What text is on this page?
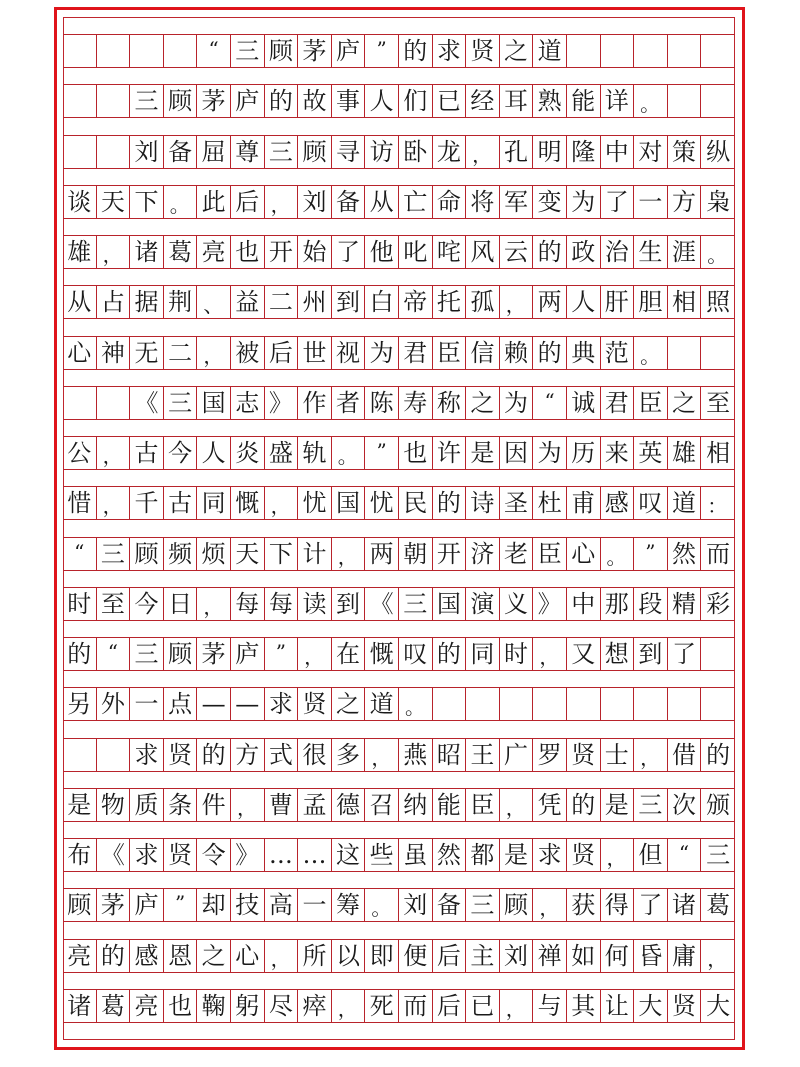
“ 三 顾 茅 庐 ” 的 求 贤 之 道
三 顾 茅 庐 的 故 事 人 们 已 经 耳 熟 能 详 。
刘 备 屈 尊 三 顾 寻 访 卧 龙 ， 孔 明 隆 中 对 策 纵
谈 天 下 。 此 后 ， 刘 备 从 亡 命 将 军 变 为 了 一 方 枭
雄 ， 诸 葛 亮 也 开 始 了 他 叱 咤 风 云 的 政 治 生 涯 。
从 占 据 荆 、 益 二 州 到 白 帝 托 孤 ， 两 人 肝 胆 相 照
心 神 无 二 ， 被 后 世 视 为 君 臣 信 赖 的 典 范 。
《 三 国 志 》 作 者 陈 寿 称 之 为 “ 诚 君 臣 之 至
公 ， 古 今 人 炎 盛 轨 。 ” 也 许 是 因 为 历 来 英 雄 相
惜 ， 千 古 同 慨 ， 忧 国 忧 民 的 诗 圣 杜 甫 感 叹 道 ：
“ 三 顾 频 烦 天 下 计 ， 两 朝 开 济 老 臣 心 。 ” 然 而
时 至 今 日 ， 每 每 读 到 《 三 国 演 义 》 中 那 段 精 彩
的 “ 三 顾 茅 庐 ” ， 在 慨 叹 的 同 时 ， 又 想 到 了
另 外 一 点 — — 求 贤 之 道 。
求 贤 的 方 式 很 多 ， 燕 昭 王 广 罗 贤 士 ， 借 的
是 物 质 条 件 ， 曹 孟 德 召 纳 能 臣 ， 凭 的 是 三 次 颁
布 《 求 贤 令 》 … … 这 些 虽 然 都 是 求 贤 ， 但 “ 三
顾 茅 庐 ” 却 技 高 一 筹 。 刘 备 三 顾 ， 获 得 了 诸 葛
亮 的 感 恩 之 心 ， 所 以 即 便 后 主 刘 禅 如 何 昏 庸 ，
诸 葛 亮 也 鞠 躬 尽 瘁 ， 死 而 后 已 ， 与 其 让 大 贤 大
